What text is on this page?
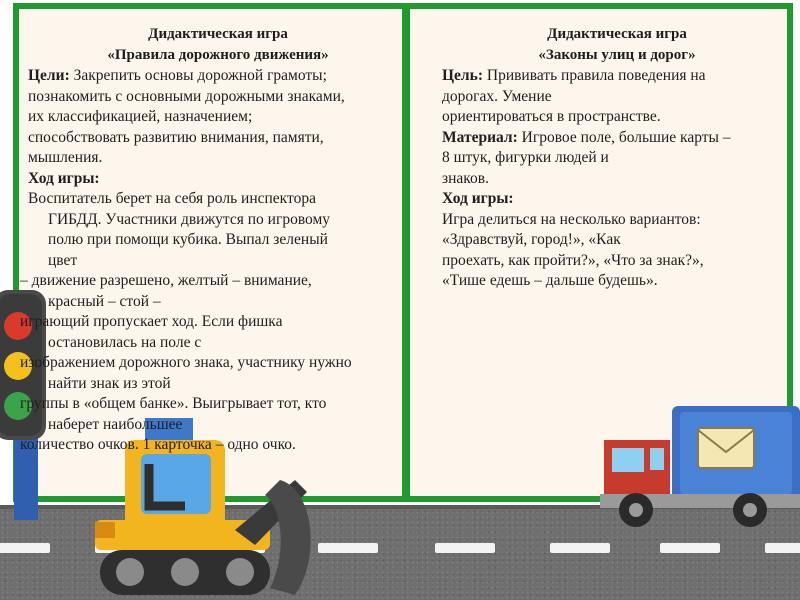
Дидактическая игра

«Правила дорожного движения»

Цели: Закрепить основы дорожной грамоты;

познакомить с основными дорожными знаками,

их классификацией, назначением;

способствовать развитию внимания, памяти,

мышления.

Ход игры:

Воспитатель берет на себя роль инспектора

ГИБДД. Участники движутся по игровому

полю при помощи кубика. Выпал зеленый

цвет

– движение разрешено, желтый – внимание,

красный – стой –

играющий пропускает ход. Если фишка

остановилась на поле с

изображением дорожного знака, участнику нужно

найти знак из этой

группы в «общем банке». Выигрывает тот, кто

наберет наибольшее

количество очков. 1 карточка – одно очко.

Дидактическая игра

«Законы улиц и дорог»

Цель: Прививать правила поведения на

дорогах. Умение

ориентироваться в пространстве.

Материал: Игровое поле, большие карты –

8 штук, фигурки людей и

знаков.

Ход игры:

Игра делиться на несколько вариантов:

«Здравствуй, город!», «Как

проехать, как пройти?», «Что за знак?»,

«Тише едешь – дальше будешь».
